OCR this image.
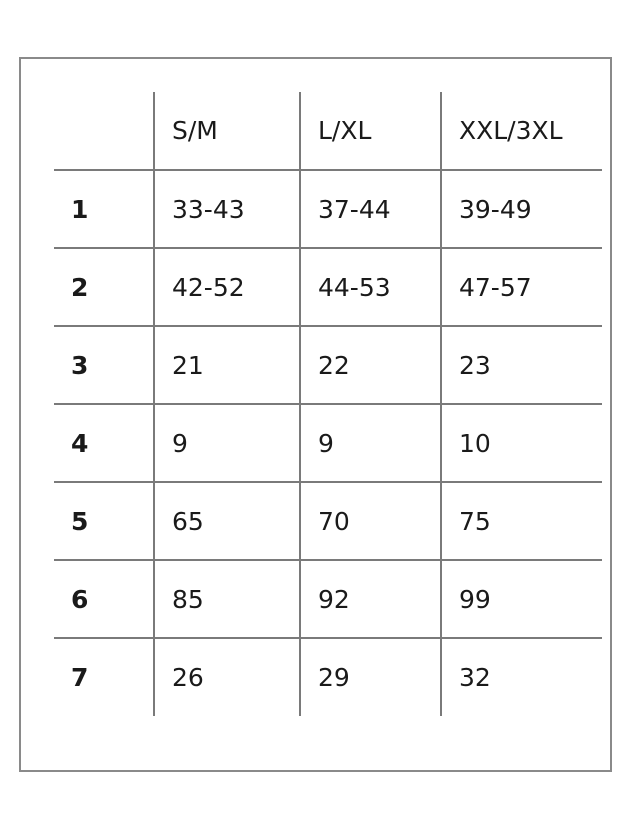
	S/M	L/XL	XXL/3XL
1	33-43	37-44	39-49
2	42-52	44-53	47-57
3	21	22	23
4	9	9	10
5	65	70	75
6	85	92	99
7	26	29	32
